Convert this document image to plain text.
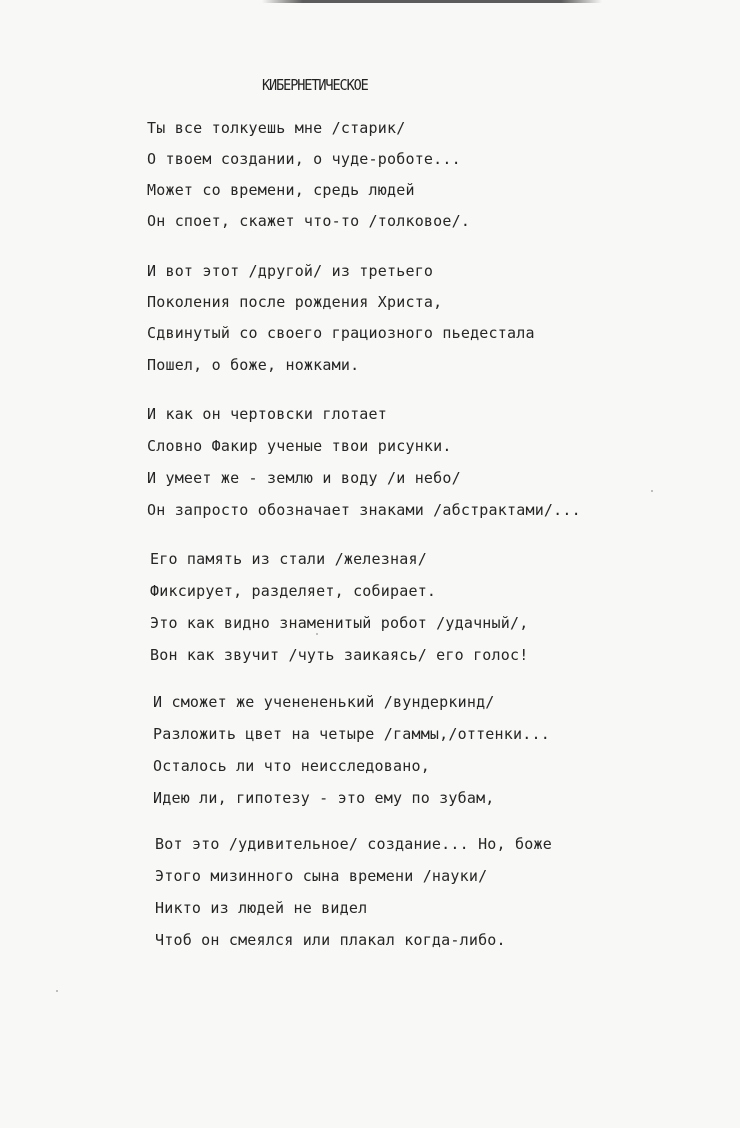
КИБЕРНЕТИЧЕСКОЕ
Ты все толкуешь мне /старик/
О твоем создании, о чуде-роботе...
Может со времени, средь людей
Он споет, скажет что-то /толковое/.
И вот этот /другой/ из третьего
Поколения после рождения Христа,
Сдвинутый со своего грациозного пьедестала
Пошел, о боже, ножками.
И как он чертовски глотает
Словно Факир ученые твои рисунки.
И умеет же - землю и воду /и небо/
Он запросто обозначает знаками /абстрактами/...
Его память из стали /железная/
Фиксирует, разделяет, собирает.
Это как видно знаменитый робот /удачный/,
Вон как звучит /чуть заикаясь/ его голос!
И сможет же ученененький /вундеркинд/
Разложить цвет на четыре /гаммы,/оттенки...
Осталось ли что неисследовано,
Идею ли, гипотезу - это ему по зубам,
Вот это /удивительное/ создание... Но, боже
Этого мизинного сына времени /науки/
Никто из людей не видел
Чтоб он смеялся или плакал когда-либо.
